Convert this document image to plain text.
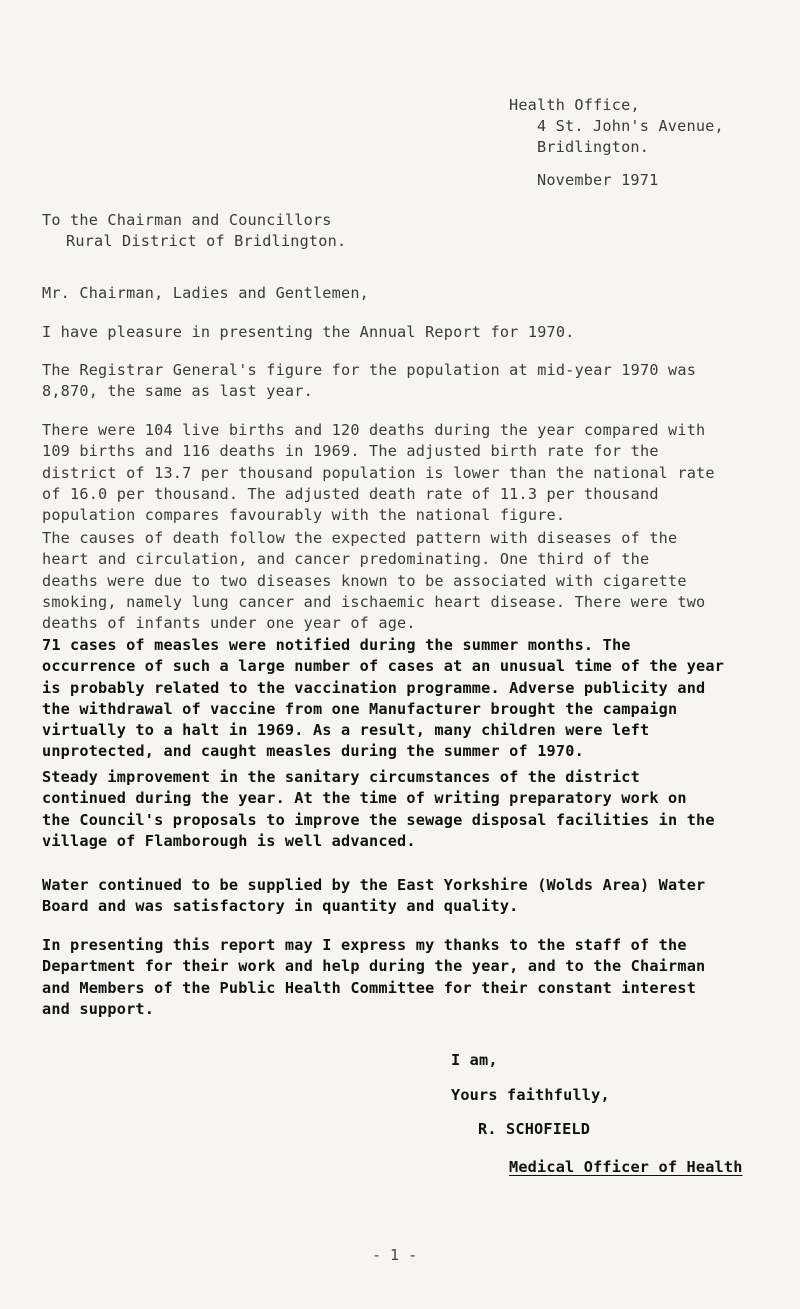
Health Office,
4 St. John's Avenue,
Bridlington.
November 1971
To the Chairman and Councillors
Rural District of Bridlington.
Mr. Chairman, Ladies and Gentlemen,
I have pleasure in presenting the Annual Report for 1970.
The Registrar General's figure for the population at mid-year 1970 was
8,870, the same as last year.
There were 104 live births and 120 deaths during the year compared with
109 births and 116 deaths in 1969. The adjusted birth rate for the
district of 13.7 per thousand population is lower than the national rate
of 16.0 per thousand. The adjusted death rate of 11.3 per thousand
population compares favourably with the national figure.
The causes of death follow the expected pattern with diseases of the
heart and circulation, and cancer predominating. One third of the
deaths were due to two diseases known to be associated with cigarette
smoking, namely lung cancer and ischaemic heart disease. There were two
deaths of infants under one year of age.
71 cases of measles were notified during the summer months. The
occurrence of such a large number of cases at an unusual time of the year
is probably related to the vaccination programme. Adverse publicity and
the withdrawal of vaccine from one Manufacturer brought the campaign
virtually to a halt in 1969. As a result, many children were left
unprotected, and caught measles during the summer of 1970.
Steady improvement in the sanitary circumstances of the district
continued during the year. At the time of writing preparatory work on
the Council's proposals to improve the sewage disposal facilities in the
village of Flamborough is well advanced.
Water continued to be supplied by the East Yorkshire (Wolds Area) Water
Board and was satisfactory in quantity and quality.
In presenting this report may I express my thanks to the staff of the
Department for their work and help during the year, and to the Chairman
and Members of the Public Health Committee for their constant interest
and support.
I am,
Yours faithfully,
R. SCHOFIELD
Medical Officer of Health
- 1 -
